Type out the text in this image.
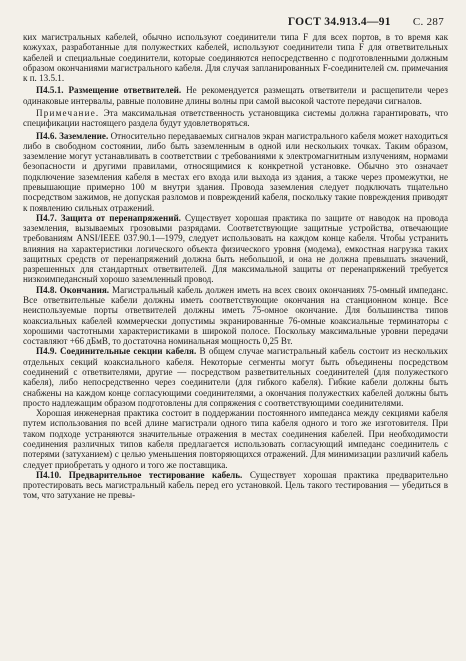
ГОСТ 34.913.4—91 С. 287

ких магистральных кабелей, обычно используют соединители типа F для всех портов, в то время как кожухах, разработанные для полужестких кабелей, используют соединители типа F для ответвительных кабелей и специальные соединители, которые соединяются непосредственно с подготовленными должным образом окончаниями магистрального кабеля. Для случая запланированных F-соединителей см. примечания к п. 13.5.1.

П4.5.1. Размещение ответвителей. Не рекомендуется размещать ответвители и расщепители через одинаковые интервалы, равные половине длины волны при самой высокой частоте передачи сигналов.

Примечание. Эта максимальная ответственность установщика системы должна гарантировать, что спецификации настоящего раздела будут удовлетворяться.

П4.6. Заземление. Относительно передаваемых сигналов экран магистрального кабеля может находиться либо в свободном состоянии, либо быть заземленным в одной или нескольких точках. Таким образом, заземление могут устанавливать в соответствии с требованиями к электромагнитным излучениям, нормами безопасности и другими правилами, относящимися к конкретной установке. Обычно это означает подключение заземления кабеля в местах его входа или выхода из здания, а также через промежутки, не превышающие примерно 100 м внутри здания. Провода заземления следует подключать тщательно посредством зажимов, не допуская разломов и повреждений кабеля, поскольку такие повреждения приводят к появлению сильных отражений.

П4.7. Защита от перенапряжений. Существует хорошая практика по защите от наводок на провода заземления, вызываемых грозовыми разрядами. Соответствующие защитные устройства, отвечающие требованиям ANSI/IEEE 037.90.1—1979, следует использовать на каждом конце кабеля. Чтобы устранить влияния на характеристики логического объекта физического уровня (модема), емкостная нагрузка таких защитных средств от перенапряжений должна быть небольшой, и она не должна превышать значений, разрешенных для стандартных ответвителей. Для максимальной защиты от перенапряжений требуется низкоимпедансный хорошо заземленный провод.

П4.8. Окончания. Магистральный кабель должен иметь на всех своих окончаниях 75-омный импеданс. Все ответвительные кабели должны иметь соответствующие окончания на станционном конце. Все неиспользуемые порты ответвителей должны иметь 75-омное окончание. Для большинства типов коаксиальных кабелей коммерчески допустимы экранированные 76-омные коаксиальные терминаторы с хорошими частотными характеристиками в широкой полосе. Поскольку максимальные уровни передачи составляют +66 дБмВ, то достаточна номинальная мощность 0,25 Вт.

П4.9. Соединительные секции кабеля. В общем случае магистральный кабель состоит из нескольких отдельных секций коаксиального кабеля. Некоторые сегменты могут быть объединены посредством соединений с ответвителями, другие — посредством разветвительных соединителей (для полужесткого кабеля), либо непосредственно через соединители (для гибкого кабеля). Гибкие кабели должны быть снабжены на каждом конце согласующими соединителями, а окончания полужестких кабелей должны быть просто надлежащим образом подготовлены для сопряжения с соответствующими соединителями.

Хорошая инженерная практика состоит в поддержании постоянного импеданса между секциями кабеля путем использования по всей длине магистрали одного типа кабеля одного и того же изготовителя. При таком подходе устраняются значительные отражения в местах соединения кабелей. При необходимости соединения различных типов кабеля предлагается использовать согласующий импеданс соединитель с потерями (затуханием) с целью уменьшения повторяющихся отражений. Для минимизации различий кабель следует приобретать у одного и того же поставщика.

П4.10. Предварительное тестирование кабель. Существует хорошая практика предварительно протестировать весь магистральный кабель перед его установкой. Цель такого тестирования — убедиться в том, что затухание не превы-
